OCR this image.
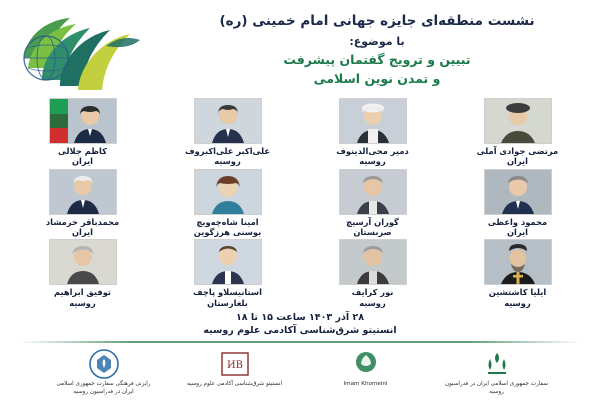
نشست منطقه‌ای جایزه جهانی امام خمینی (ره)
با موضوع:
تبیین و ترویج گفتمان پیشرفت
و تمدن نوین اسلامی
کاظم جلالی
ایران
علی‌اکبر علی‌اکبروف
روسیه
دمیر محی‌الدینوف
روسیه
مرتضی جوادی آملی
ایران
محمدباقر خرمشاد
ایران
امینا شاه‌چه‌ویچ
بوسنی هرزگوین
گوران آرسیچ
صربستان
محمود واعظی
ایران
توفیق ابراهیم
روسیه
استانیسلاو پاچف
بلغارستان
نور کرایف
روسیه
ایلیا کاشتشین
روسیه
۲۸ آذر ۱۴۰۳ ساعت ۱۵ تا ۱۸
انستیتو شرق‌شناسی آکادمی علوم روسیه
رایزنی فرهنگی سفارت جمهوری اسلامی ایران در فدراسیون روسیه
ИВ
انستیتو شرق‌شناسی آکادمی علوم روسیه	Imam Khomeini	سفارت جمهوری اسلامی ایران در فدراسیون روسیه
